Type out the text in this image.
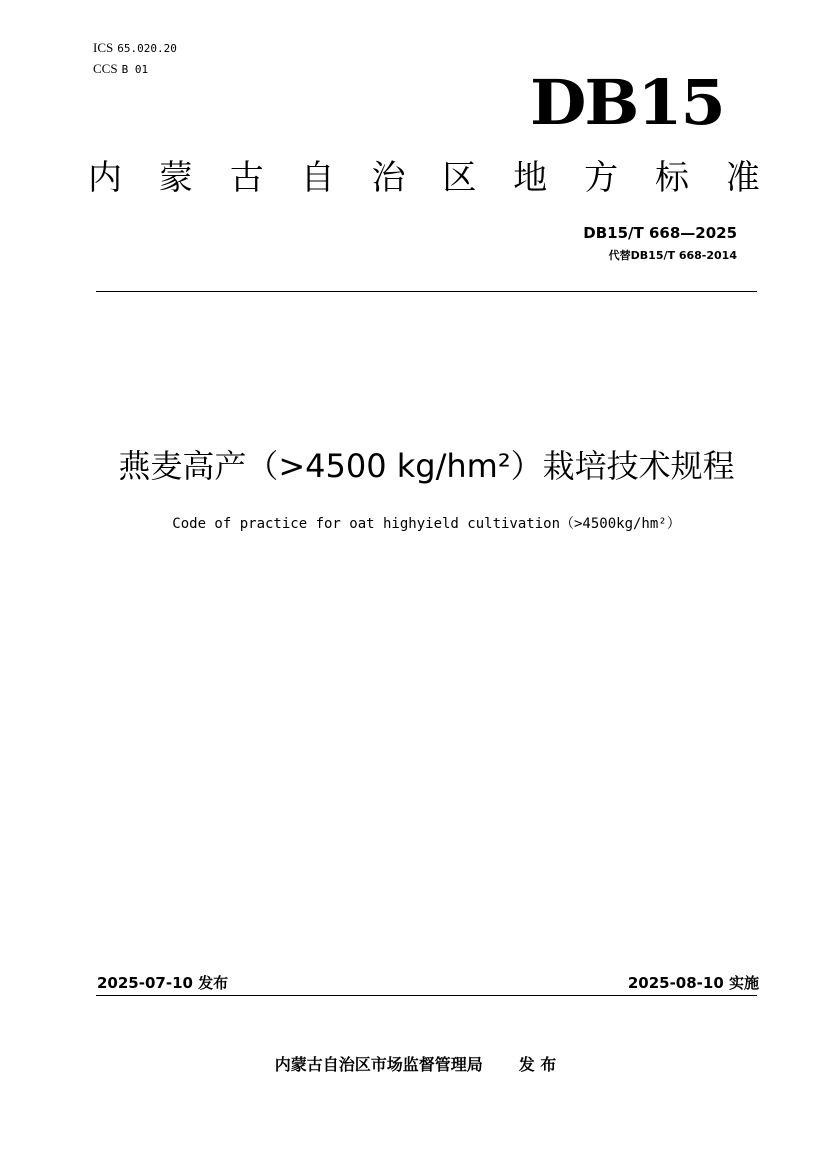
ICS 65.020.20
CCS B 01	DB15
内 蒙 古 自 治 区 地 方 标 准
DB15/T 668—2025
代替DB15/T 668-2014
燕麦高产（>4500 kg/hm²）栽培技术规程
Code of practice for oat highyield cultivation（>4500kg/hm²）
2025-07-10 发布	2025-08-10 实施
内蒙古自治区市场监督管理局 发 布
